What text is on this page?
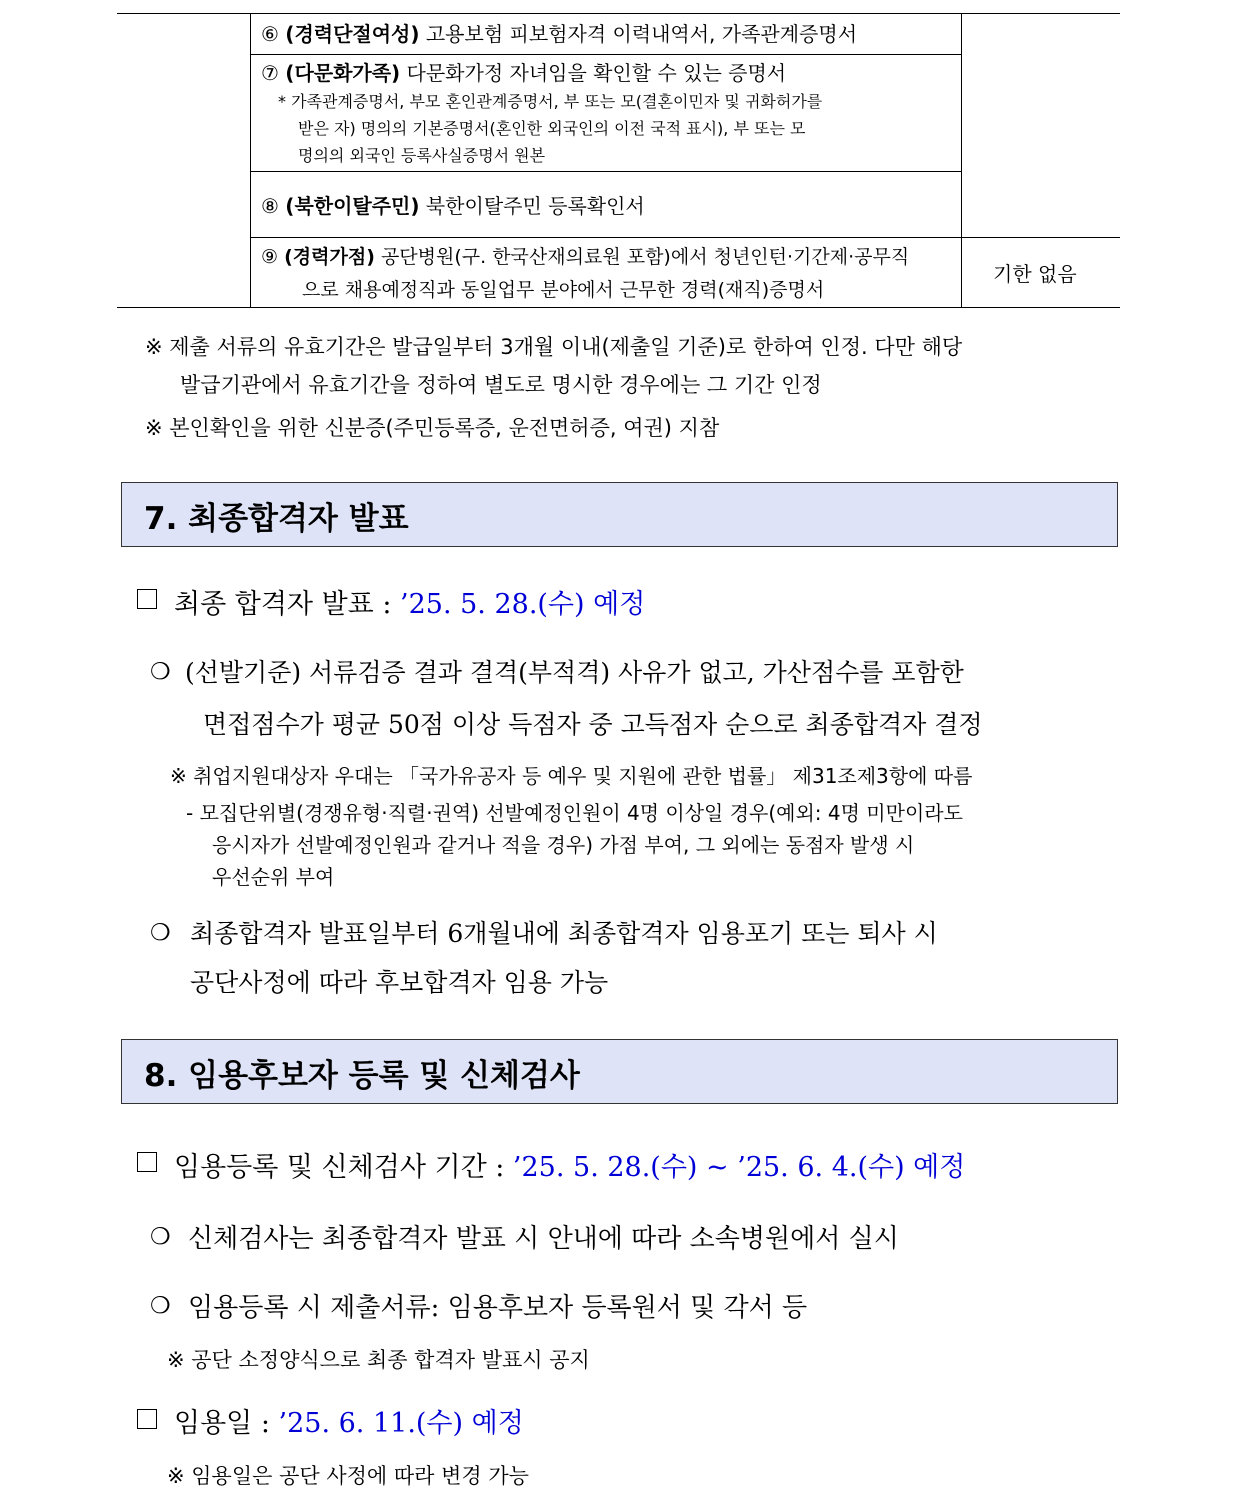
⑥ (경력단절여성) 고용보험 피보험자격 이력내역서, 가족관계증명서
⑦ (다문화가족) 다문화가정 자녀임을 확인할 수 있는 증명서
* 가족관계증명서, 부모 혼인관계증명서, 부 또는 모(결혼이민자 및 귀화허가를
받은 자) 명의의 기본증명서(혼인한 외국인의 이전 국적 표시), 부 또는 모
명의의 외국인 등록사실증명서 원본
⑧ (북한이탈주민) 북한이탈주민 등록확인서
⑨ (경력가점) 공단병원(구. 한국산재의료원 포함)에서 청년인턴·기간제·공무직
으로 채용예정직과 동일업무 분야에서 근무한 경력(재직)증명서
기한 없음
※ 제출 서류의 유효기간은 발급일부터 3개월 이내(제출일 기준)로 한하여 인정. 다만 해당
발급기관에서 유효기간을 정하여 별도로 명시한 경우에는 그 기간 인정
※ 본인확인을 위한 신분증(주민등록증, 운전면허증, 여권) 지참
7. 최종합격자 발표
최종 합격자 발표 : ’25. 5. 28.(수) 예정
❍ (선발기준) 서류검증 결과 결격(부적격) 사유가 없고, 가산점수를 포함한
면접점수가 평균 50점 이상 득점자 중 고득점자 순으로 최종합격자 결정
※ 취업지원대상자 우대는 「국가유공자 등 예우 및 지원에 관한 법률」 제31조제3항에 따름
- 모집단위별(경쟁유형·직렬·권역) 선발예정인원이 4명 이상일 경우(예외: 4명 미만이라도
응시자가 선발예정인원과 같거나 적을 경우) 가점 부여, 그 외에는 동점자 발생 시
우선순위 부여
❍ 최종합격자 발표일부터 6개월내에 최종합격자 임용포기 또는 퇴사 시
공단사정에 따라 후보합격자 임용 가능
8. 임용후보자 등록 및 신체검사
임용등록 및 신체검사 기간 : ’25. 5. 28.(수) ~ ’25. 6. 4.(수) 예정
❍ 신체검사는 최종합격자 발표 시 안내에 따라 소속병원에서 실시
❍ 임용등록 시 제출서류: 임용후보자 등록원서 및 각서 등
※ 공단 소정양식으로 최종 합격자 발표시 공지
임용일 : ’25. 6. 11.(수) 예정
※ 임용일은 공단 사정에 따라 변경 가능
